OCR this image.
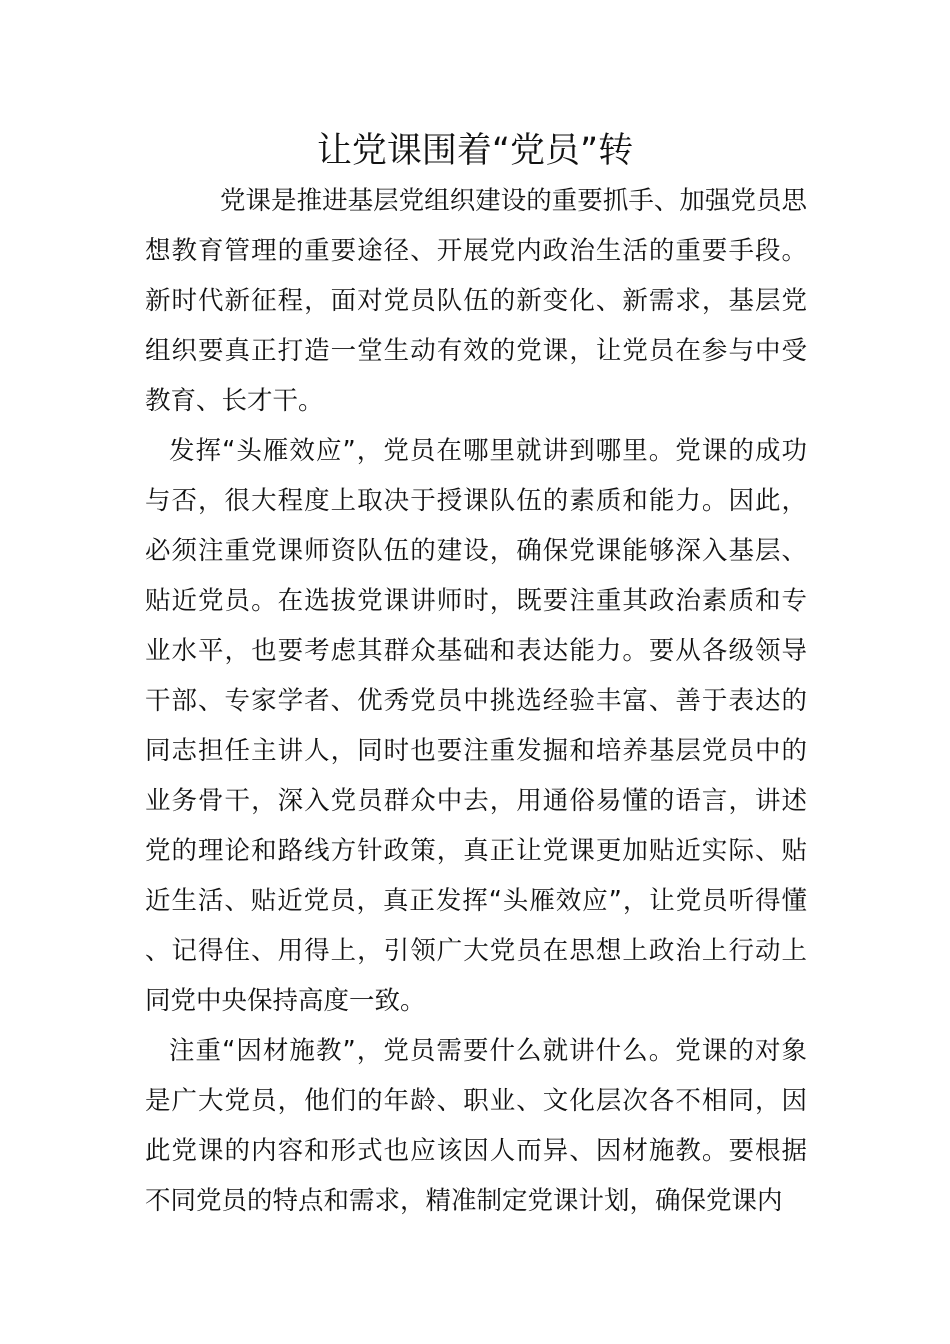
让党课围着“党员”转

党课是推进基层党组织建设的重要抓手、加强党员思想教育管理的重要途径、开展党内政治生活的重要手段。新时代新征程，面对党员队伍的新变化、新需求，基层党组织要真正打造一堂生动有效的党课，让党员在参与中受教育、长才干。

发挥“头雁效应”，党员在哪里就讲到哪里。党课的成功与否，很大程度上取决于授课队伍的素质和能力。因此，必须注重党课师资队伍的建设，确保党课能够深入基层、贴近党员。在选拔党课讲师时，既要注重其政治素质和专业水平，也要考虑其群众基础和表达能力。要从各级领导干部、专家学者、优秀党员中挑选经验丰富、善于表达的同志担任主讲人，同时也要注重发掘和培养基层党员中的业务骨干，深入党员群众中去，用通俗易懂的语言，讲述党的理论和路线方针政策，真正让党课更加贴近实际、贴近生活、贴近党员，真正发挥“头雁效应”，让党员听得懂、记得住、用得上，引领广大党员在思想上政治上行动上同党中央保持高度一致。

注重“因材施教”，党员需要什么就讲什么。党课的对象是广大党员，他们的年龄、职业、文化层次各不相同，因此党课的内容和形式也应该因人而异、因材施教。要根据不同党员的特点和需求，精准制定党课计划，确保党课内
